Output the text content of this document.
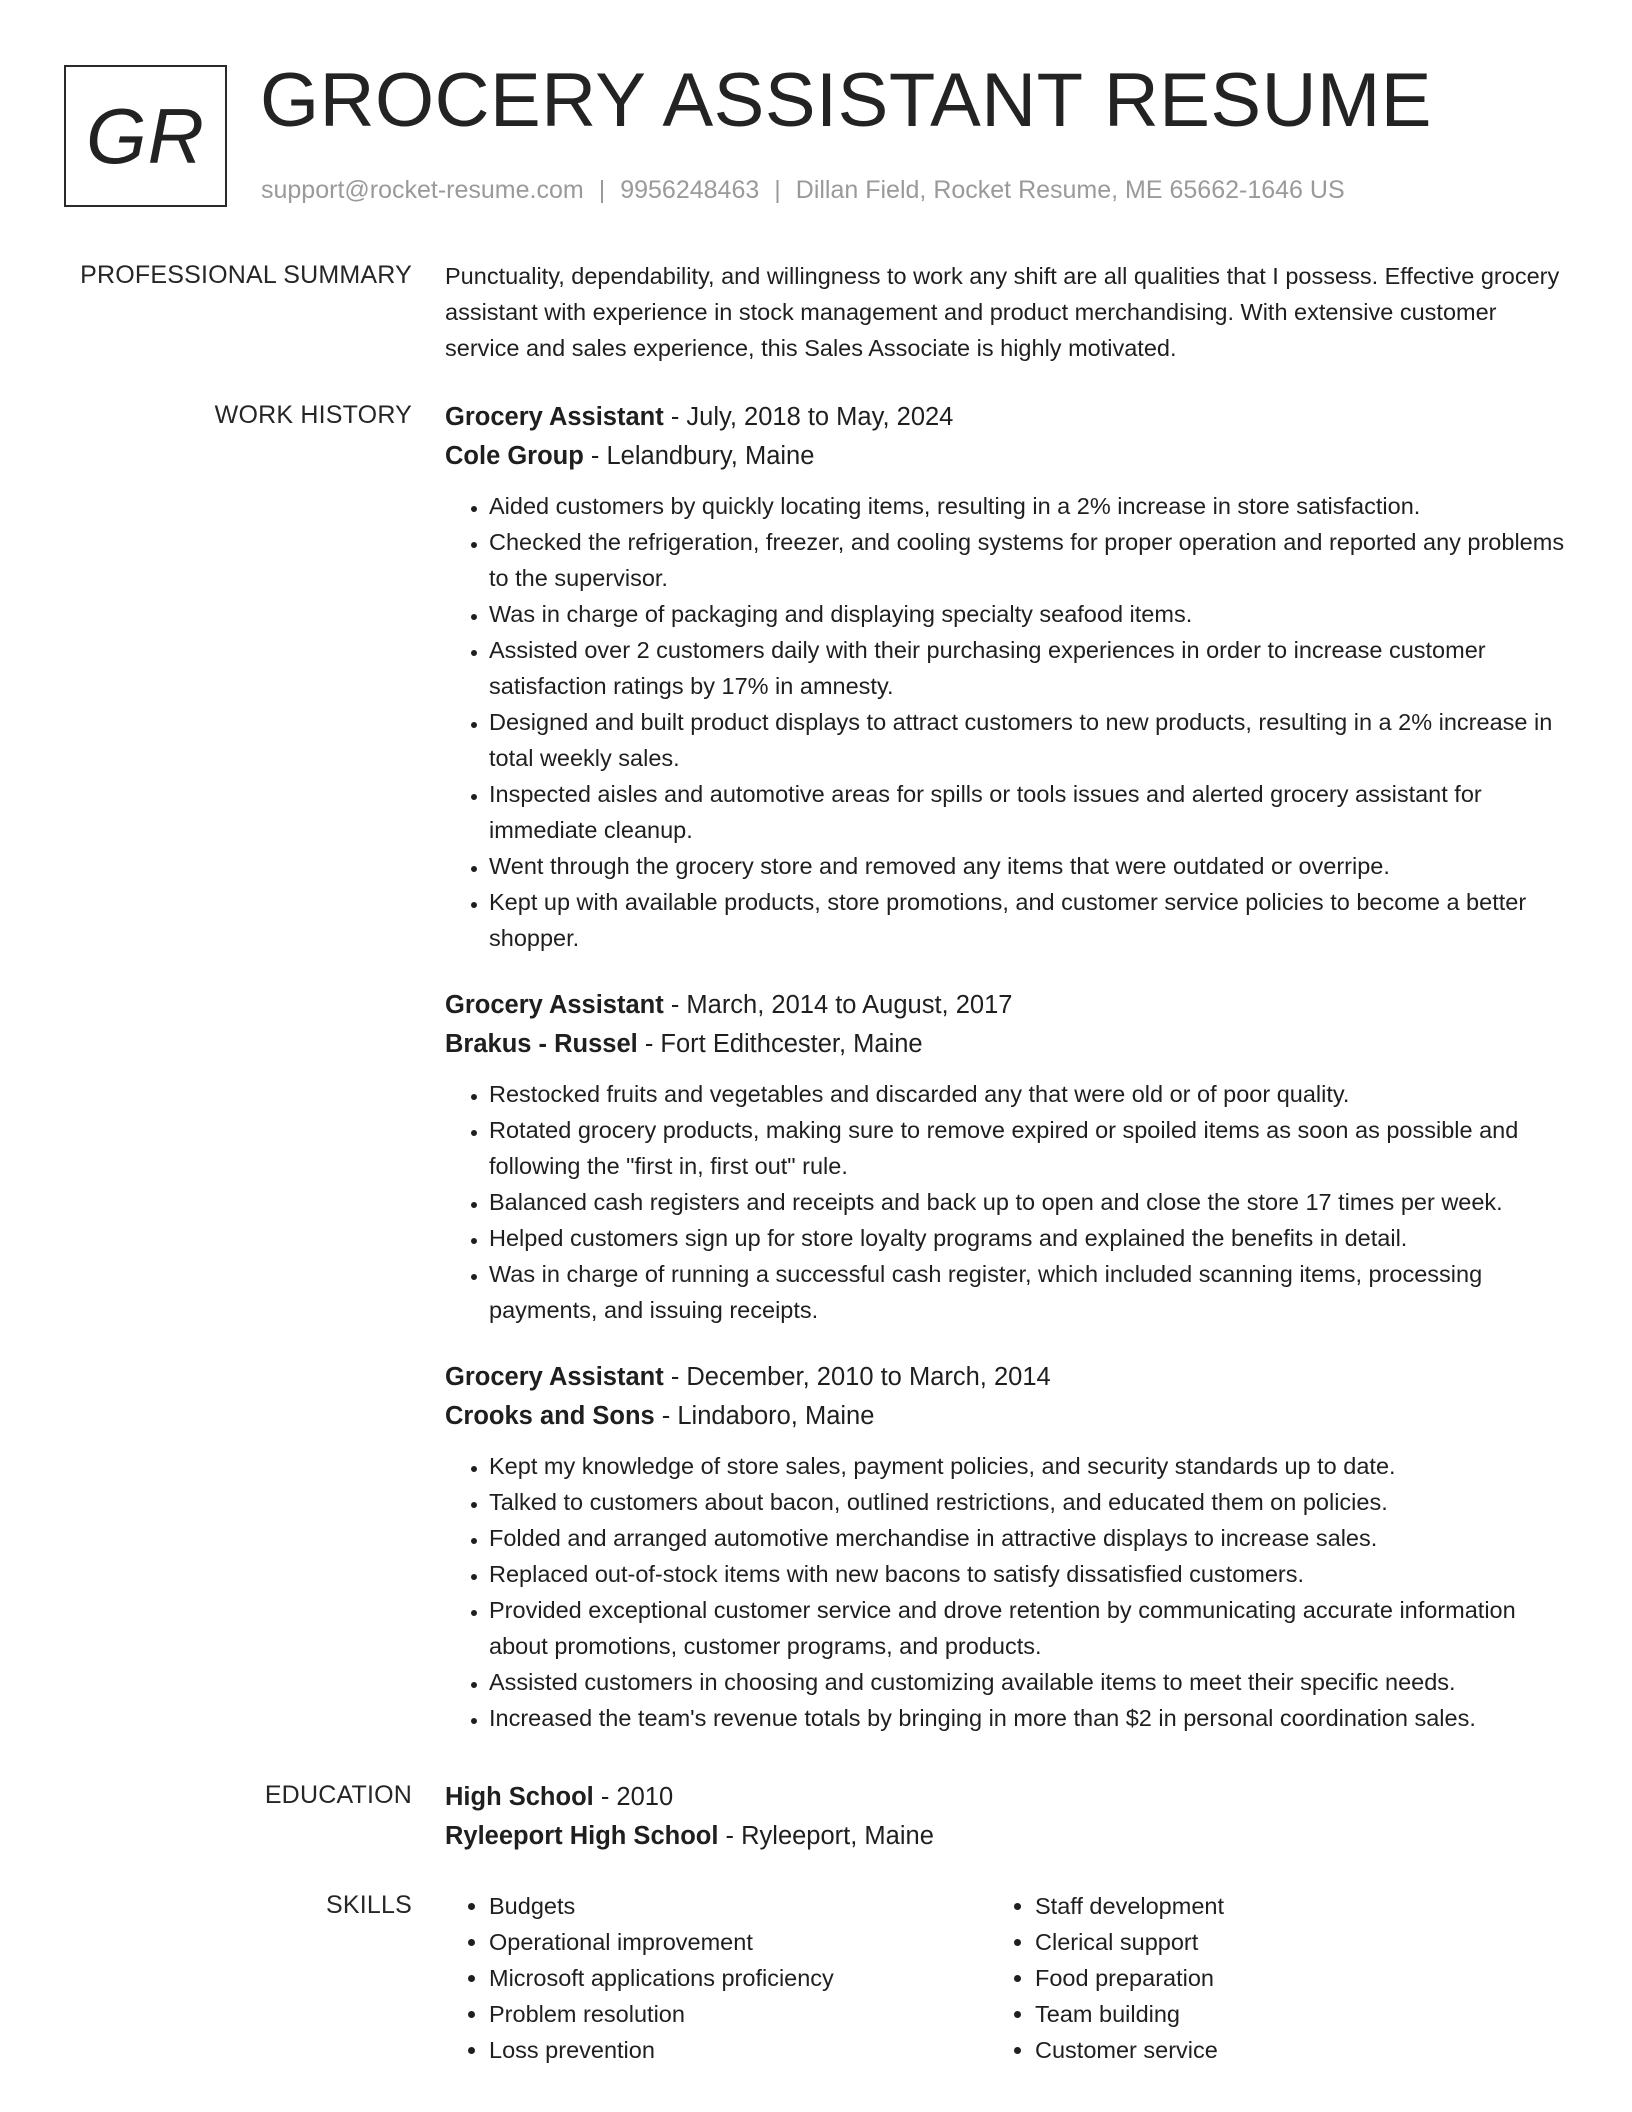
GR GROCERY ASSISTANT RESUME
support@rocket-resume.com | 9956248463 | Dillan Field, Rocket Resume, ME 65662-1646 US
PROFESSIONAL SUMMARY Punctuality, dependability, and willingness to work any shift are all qualities that I possess. Effective grocery assistant with experience in stock management and product merchandising. With extensive customer service and sales experience, this Sales Associate is highly motivated.

WORK HISTORY Grocery Assistant - July, 2018 to May, 2024
Cole Group - Lelandbury, Maine
• Aided customers by quickly locating items, resulting in a 2% increase in store satisfaction.
• Checked the refrigeration, freezer, and cooling systems for proper operation and reported any problems to the supervisor.
• Was in charge of packaging and displaying specialty seafood items.
• Assisted over 2 customers daily with their purchasing experiences in order to increase customer satisfaction ratings by 17% in amnesty.
• Designed and built product displays to attract customers to new products, resulting in a 2% increase in total weekly sales.
• Inspected aisles and automotive areas for spills or tools issues and alerted grocery assistant for immediate cleanup.
• Went through the grocery store and removed any items that were outdated or overripe.
• Kept up with available products, store promotions, and customer service policies to become a better shopper.
Grocery Assistant - March, 2014 to August, 2017
Brakus - Russel - Fort Edithcester, Maine
• Restocked fruits and vegetables and discarded any that were old or of poor quality.
• Rotated grocery products, making sure to remove expired or spoiled items as soon as possible and following the "first in, first out" rule.
• Balanced cash registers and receipts and back up to open and close the store 17 times per week.
• Helped customers sign up for store loyalty programs and explained the benefits in detail.
• Was in charge of running a successful cash register, which included scanning items, processing payments, and issuing receipts.
Grocery Assistant - December, 2010 to March, 2014
Crooks and Sons - Lindaboro, Maine
• Kept my knowledge of store sales, payment policies, and security standards up to date.
• Talked to customers about bacon, outlined restrictions, and educated them on policies.
• Folded and arranged automotive merchandise in attractive displays to increase sales.
• Replaced out-of-stock items with new bacons to satisfy dissatisfied customers.
• Provided exceptional customer service and drove retention by communicating accurate information about promotions, customer programs, and products.
• Assisted customers in choosing and customizing available items to meet their specific needs.
• Increased the team's revenue totals by bringing in more than $2 in personal coordination sales.
EDUCATION High School - 2010
Ryleeport High School - Ryleeport, Maine
SKILLS
•	Budgets
• Operational improvement
• Microsoft applications proficiency
• Problem resolution
• Loss prevention
• Staff development
• Clerical support
• Food preparation
• Team building
• Customer service
